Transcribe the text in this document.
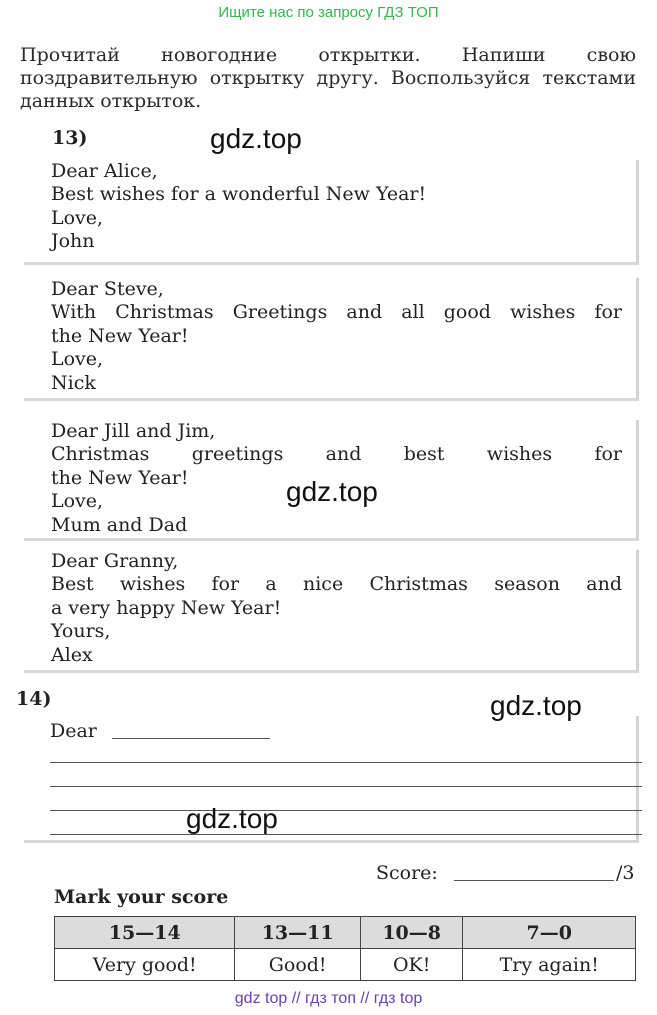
Ищите нас по запросу ГДЗ ТОП
Прочитай новогодние открытки. Напиши свою поздравительную открытку другу. Воспользуйся текстами данных открыток.
13)	gdz.top
Dear Alice,
Best wishes for a wonderful New Year!
Love,
John
Dear Steve,
With Christmas Greetings and all good wishes for
the New Year!
Love,
Nick
Dear Jill and Jim,
Christmas greetings and best wishes for
the New Year!
Love,
Mum and Dad
gdz.top
Dear Granny,
Best wishes for a nice Christmas season and
a very happy New Year!
Yours,
Alex
14)	gdz.top
Dear
gdz.top
Score:	/3
Mark your score
15—14	13—11	10—8	7—0
Very good!	Good!	OK!	Try again!
gdz top // гдз топ // гдз top
